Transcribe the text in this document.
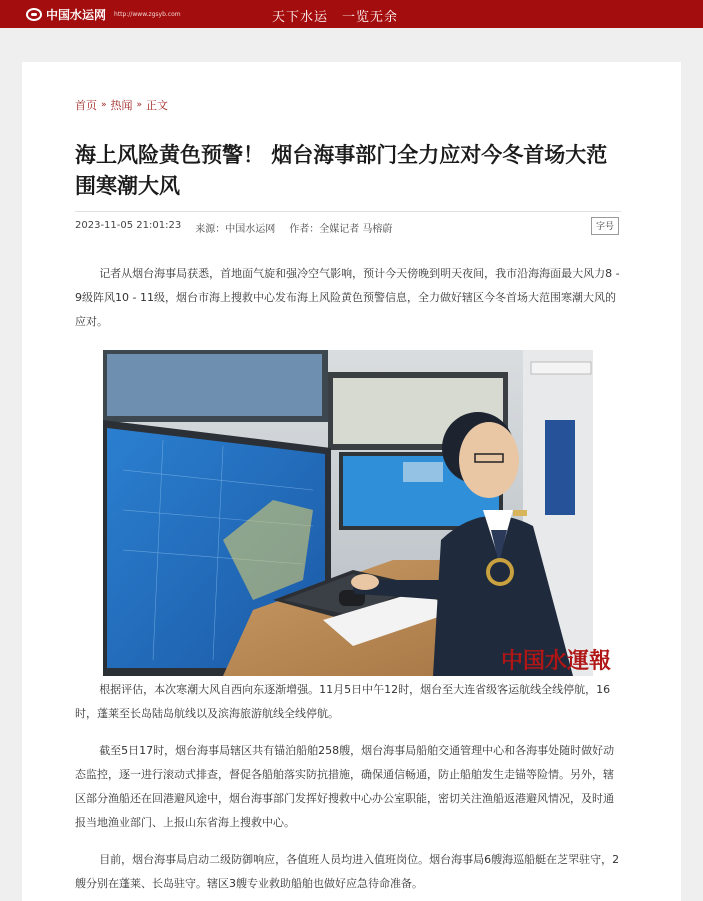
中国水运网 http://www.zgsyb.com	天下水运　一览无余
首页 » 热闻 » 正文
海上风险黄色预警！ 烟台海事部门全力应对今冬首场大范围寒潮大风
2023-11-05 21:01:23 来源：中国水运网 作者：全媒记者 马榕蔚	字号

记者从烟台海事局获悉，首地面气旋和强冷空气影响，预计今天傍晚到明天夜间，我市沿海海面最大风力8 - 9级阵风10 - 11级，烟台市海上搜救中心发布海上风险黄色预警信息，全力做好辖区今冬首场大范围寒潮大风的应对。

中国水運報

根据评估，本次寒潮大风自西向东逐渐增强。11月5日中午12时，烟台至大连省级客运航线全线停航，16时，蓬莱至长岛陆岛航线以及滨海旅游航线全线停航。

截至5日17时，烟台海事局辖区共有锚泊船舶258艘，烟台海事局船舶交通管理中心和各海事处随时做好动态监控，逐一进行滚动式排查，督促各船舶落实防抗措施，确保通信畅通，防止船舶发生走锚等险情。另外，辖区部分渔船还在回港避风途中，烟台海事部门发挥好搜救中心办公室职能，密切关注渔船返港避风情况，及时通报当地渔业部门、上报山东省海上搜救中心。

目前，烟台海事局启动二级防御响应，各值班人员均进入值班岗位。烟台海事局6艘海巡船艇在芝罘驻守，2艘分别在蓬莱、长岛驻守。辖区3艘专业救助船舶也做好应急待命准备。
